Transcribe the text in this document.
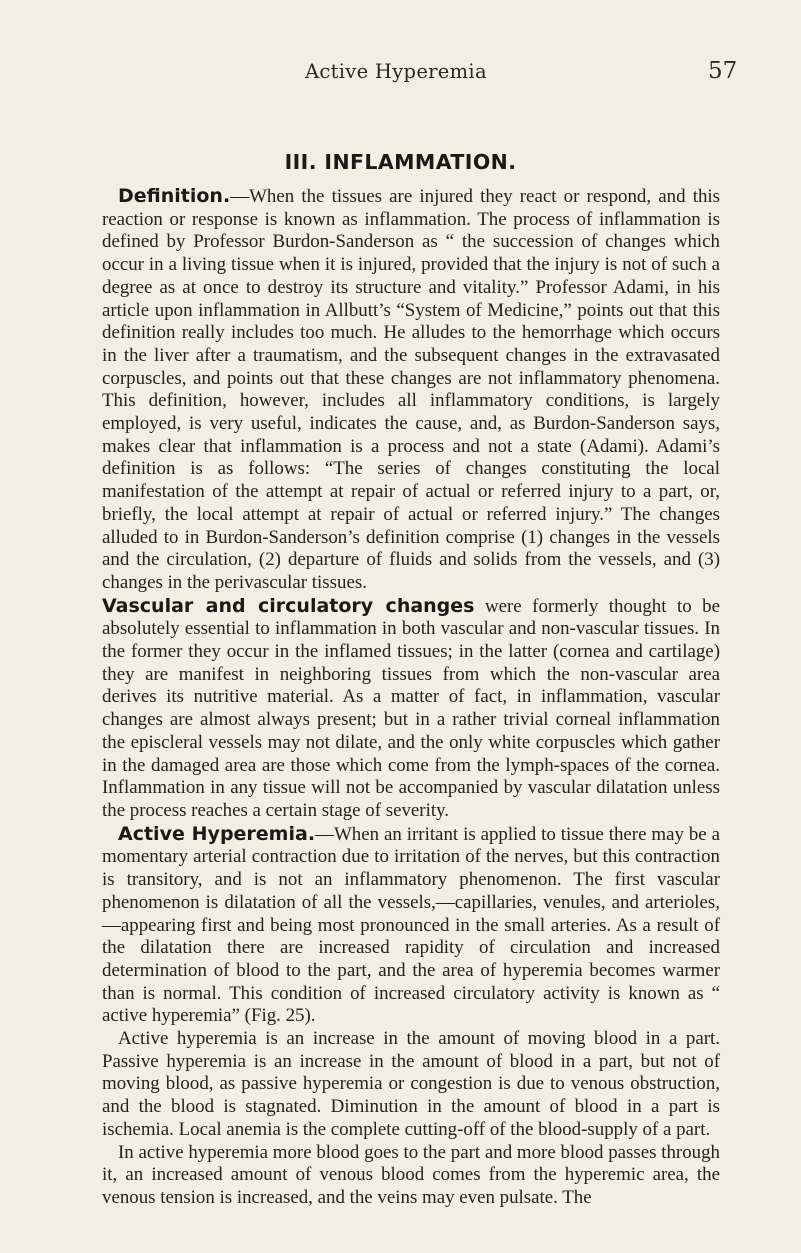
Active Hyperemia	57
III. INFLAMMATION.

Definition.—When the tissues are injured they react or respond, and this reaction or response is known as inflammation. The process of inflammation is defined by Professor Burdon-Sanderson as “ the succession of changes which occur in a living tissue when it is injured, provided that the injury is not of such a degree as at once to destroy its structure and vitality.” Professor Adami, in his article upon inflammation in Allbutt’s “System of Medicine,” points out that this definition really includes too much. He alludes to the hemorrhage which occurs in the liver after a traumatism, and the subsequent changes in the extravasated corpuscles, and points out that these changes are not inflammatory phenomena. This definition, however, includes all inflammatory conditions, is largely employed, is very useful, indicates the cause, and, as Burdon-Sanderson says, makes clear that inflammation is a process and not a state (Adami). Adami’s definition is as follows: “The series of changes constituting the local manifestation of the attempt at repair of actual or referred injury to a part, or, briefly, the local attempt at repair of actual or referred injury.” The changes alluded to in Burdon-Sanderson’s definition comprise (1) changes in the vessels and the circulation, (2) departure of fluids and solids from the vessels, and (3) changes in the perivascular tissues.

Vascular and circulatory changes were formerly thought to be absolutely essential to inflammation in both vascular and non-vascular tissues. In the former they occur in the inflamed tissues; in the latter (cornea and cartilage) they are manifest in neighboring tissues from which the non-vascular area derives its nutritive material. As a matter of fact, in inflammation, vascular changes are almost always present; but in a rather trivial corneal inflammation the episcleral vessels may not dilate, and the only white corpuscles which gather in the damaged area are those which come from the lymph-spaces of the cornea. Inflammation in any tissue will not be accompanied by vascular dilatation unless the process reaches a certain stage of severity.

Active Hyperemia.—When an irritant is applied to tissue there may be a momentary arterial contraction due to irritation of the nerves, but this contraction is transitory, and is not an inflammatory phenomenon. The first vascular phenomenon is dilatation of all the vessels,—capillaries, venules, and arterioles,—appearing first and being most pronounced in the small arteries. As a result of the dilatation there are increased rapidity of circulation and increased determination of blood to the part, and the area of hyperemia becomes warmer than is normal. This condition of increased circulatory activity is known as “ active hyperemia” (Fig. 25).

Active hyperemia is an increase in the amount of moving blood in a part. Passive hyperemia is an increase in the amount of blood in a part, but not of moving blood, as passive hyperemia or congestion is due to venous obstruction, and the blood is stagnated. Diminution in the amount of blood in a part is ischemia. Local anemia is the complete cutting-off of the blood-supply of a part.

In active hyperemia more blood goes to the part and more blood passes through it, an increased amount of venous blood comes from the hyperemic area, the venous tension is increased, and the veins may even pulsate. The
